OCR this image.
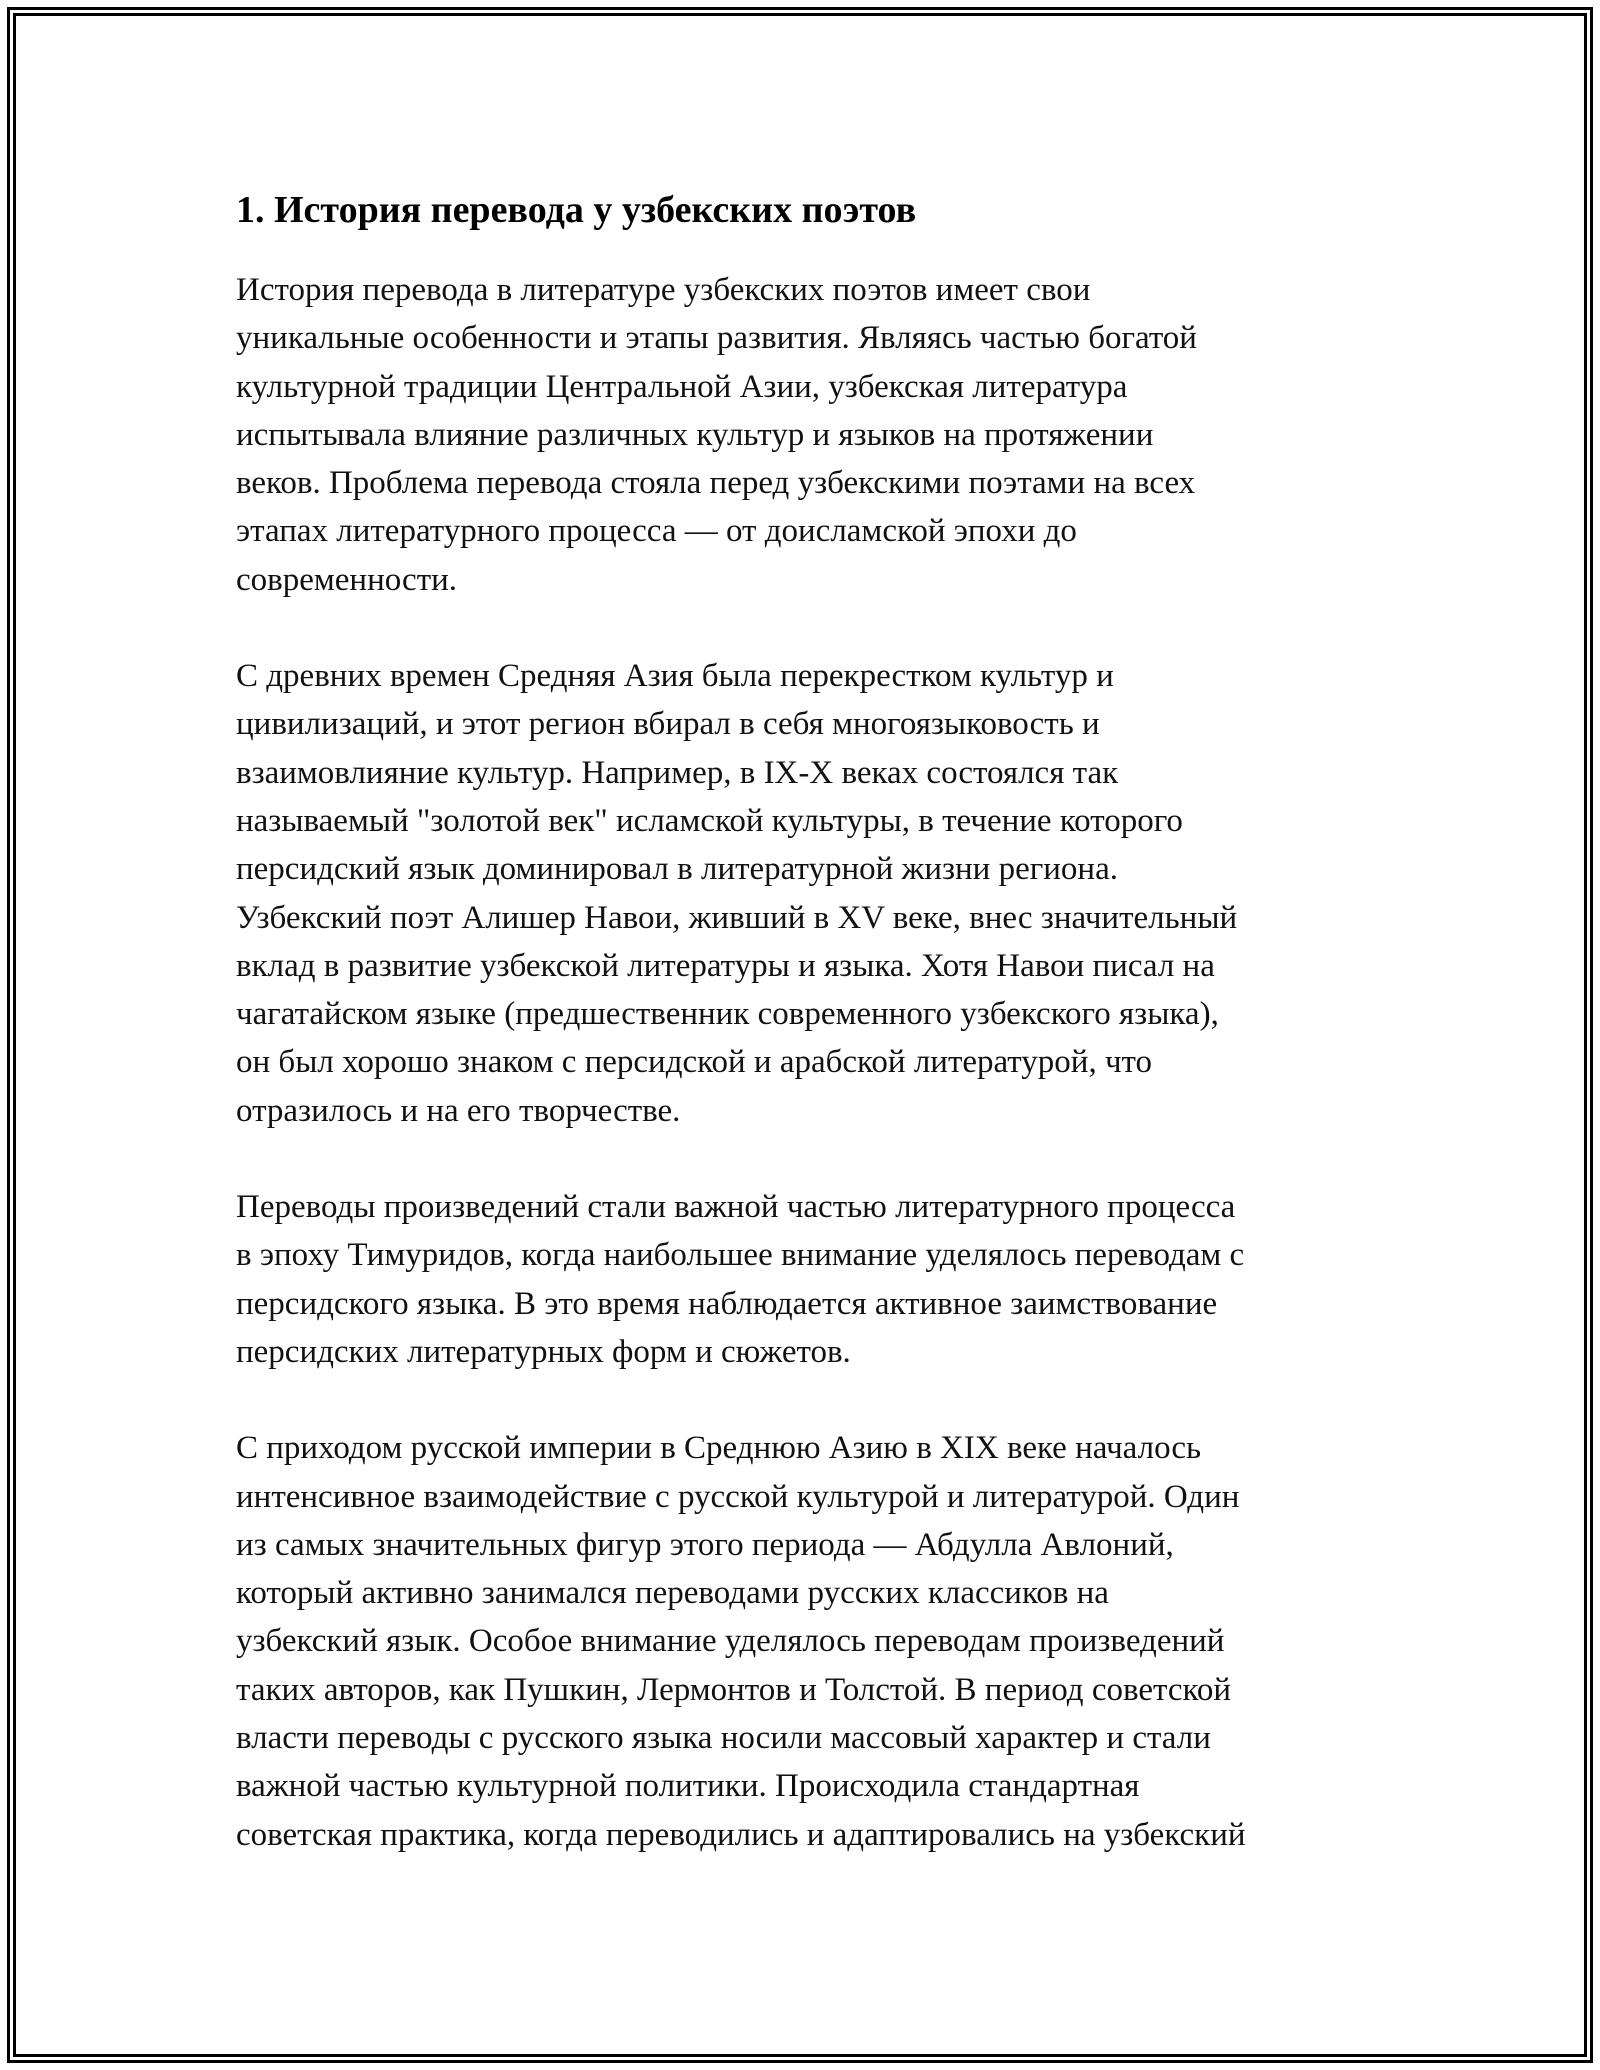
1. История перевода у узбекских поэтов

История перевода в литературе узбекских поэтов имеет свои
уникальные особенности и этапы развития. Являясь частью богатой
культурной традиции Центральной Азии, узбекская литература
испытывала влияние различных культур и языков на протяжении
веков. Проблема перевода стояла перед узбекскими поэтами на всех
этапах литературного процесса — от доисламской эпохи до
современности.

С древних времен Средняя Азия была перекрестком культур и
цивилизаций, и этот регион вбирал в себя многоязыковость и
взаимовлияние культур. Например, в IX-X веках состоялся так
называемый "золотой век" исламской культуры, в течение которого
персидский язык доминировал в литературной жизни региона.
Узбекский поэт Алишер Навои, живший в XV веке, внес значительный
вклад в развитие узбекской литературы и языка. Хотя Навои писал на
чагатайском языке (предшественник современного узбекского языка),
он был хорошо знаком с персидской и арабской литературой, что
отразилось и на его творчестве.

Переводы произведений стали важной частью литературного процесса
в эпоху Тимуридов, когда наибольшее внимание уделялось переводам с
персидского языка. В это время наблюдается активное заимствование
персидских литературных форм и сюжетов.

С приходом русской империи в Среднюю Азию в XIX веке началось
интенсивное взаимодействие с русской культурой и литературой. Один
из самых значительных фигур этого периода — Абдулла Авлоний,
который активно занимался переводами русских классиков на
узбекский язык. Особое внимание уделялось переводам произведений
таких авторов, как Пушкин, Лермонтов и Толстой. В период советской
власти переводы с русского языка носили массовый характер и стали
важной частью культурной политики. Происходила стандартная
советская практика, когда переводились и адаптировались на узбекский
